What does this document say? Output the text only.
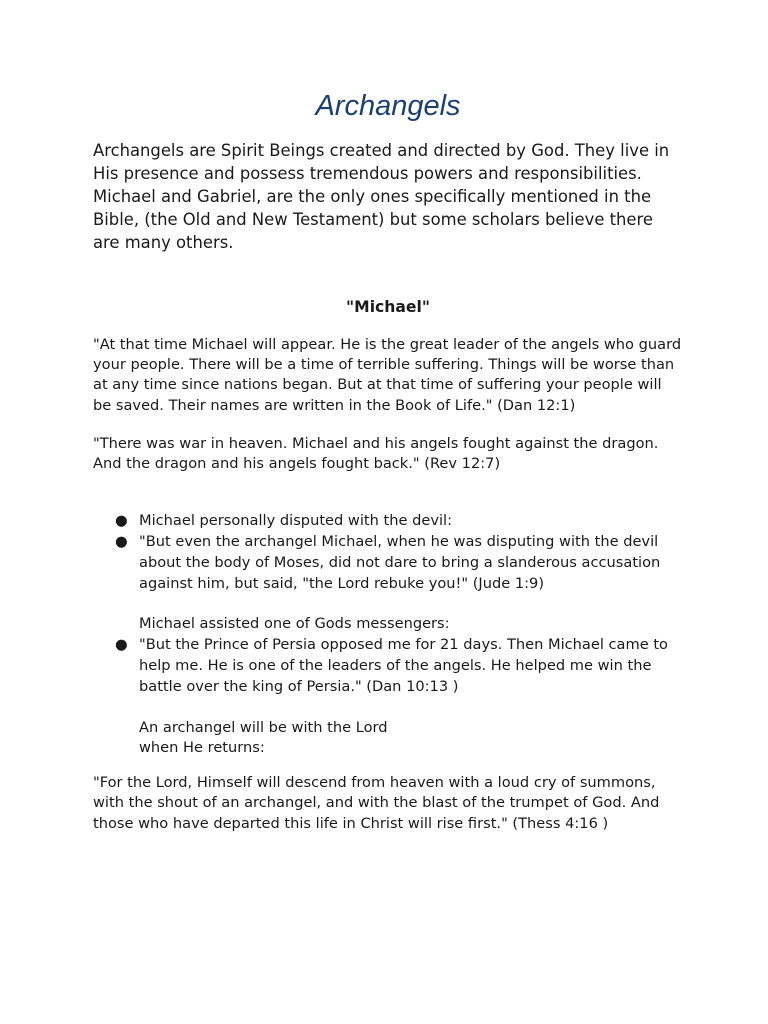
Archangels

Archangels are Spirit Beings created and directed by God. They live in His presence and possess tremendous powers and responsibilities. Michael and Gabriel, are the only ones specifically mentioned in the Bible, (the Old and New Testament) but some scholars believe there are many others.

"Michael"

"At that time Michael will appear. He is the great leader of the angels who guard your people. There will be a time of terrible suffering. Things will be worse than at any time since nations began. But at that time of suffering your people will be saved. Their names are written in the Book of Life." (Dan 12:1)

"There was war in heaven. Michael and his angels fought against the dragon. And the dragon and his angels fought back." (Rev 12:7)

● Michael personally disputed with the devil:
● "But even the archangel Michael, when he was disputing with the devil about the body of Moses, did not dare to bring a slanderous accusation against him, but said, "the Lord rebuke you!" (Jude 1:9)
Michael assisted one of Gods messengers:
● "But the Prince of Persia opposed me for 21 days. Then Michael came to help me. He is one of the leaders of the angels. He helped me win the battle over the king of Persia." (Dan 10:13 )
An archangel will be with the Lord
when He returns:

"For the Lord, Himself will descend from heaven with a loud cry of summons, with the shout of an archangel, and with the blast of the trumpet of God. And those who have departed this life in Christ will rise first." (Thess 4:16 )
